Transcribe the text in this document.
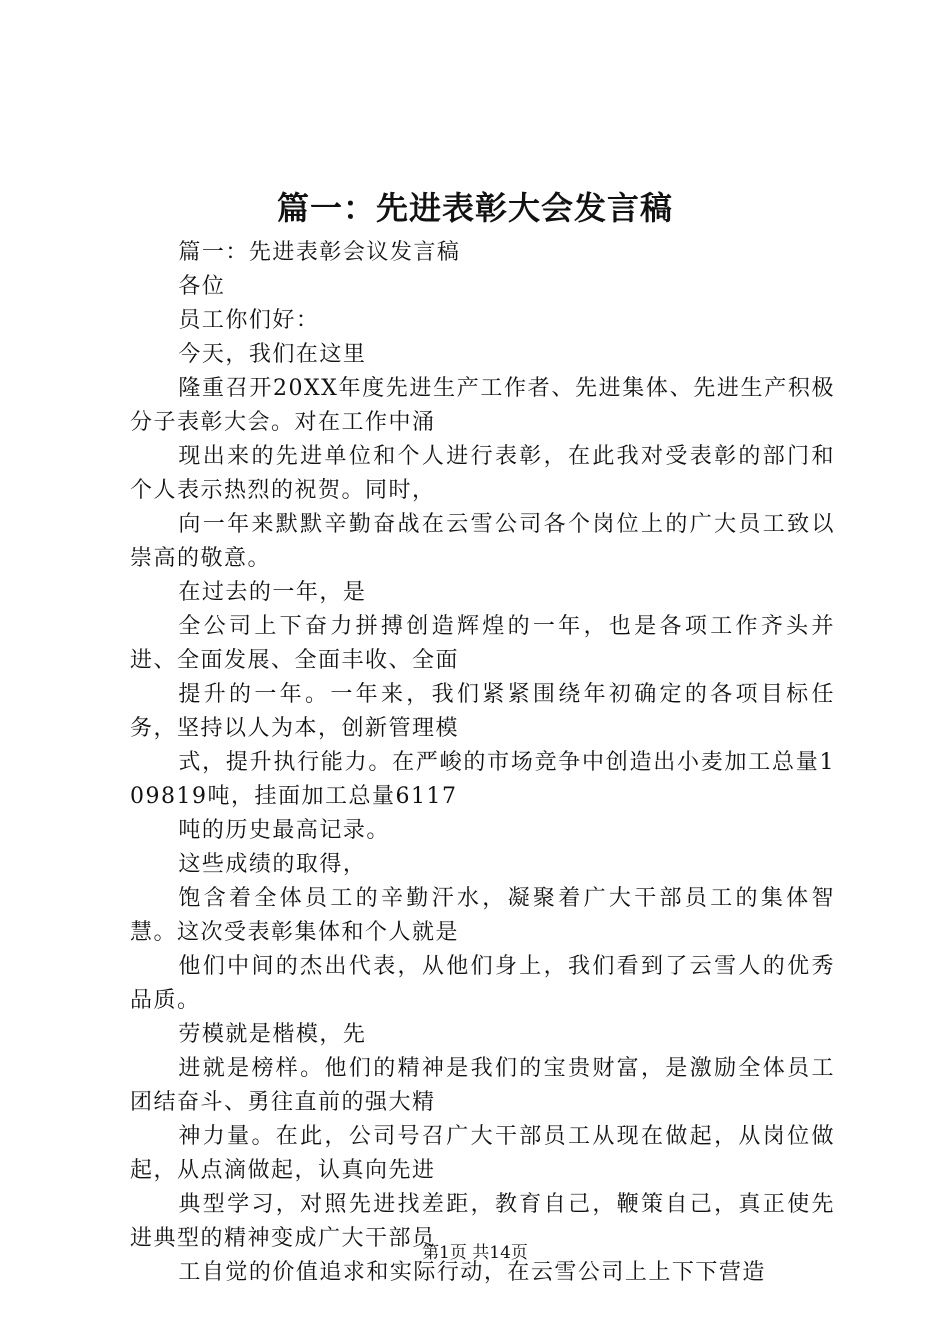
篇一：先进表彰大会发言稿

篇一：先进表彰会议发言稿

各位

员工你们好：

今天，我们在这里

隆重召开20XX年度先进生产工作者、先进集体、先进生产积极分子表彰大会。对在工作中涌

现出来的先进单位和个人进行表彰，在此我对受表彰的部门和个人表示热烈的祝贺。同时，

向一年来默默辛勤奋战在云雪公司各个岗位上的广大员工致以崇高的敬意。

在过去的一年，是

全公司上下奋力拼搏创造辉煌的一年，也是各项工作齐头并进、全面发展、全面丰收、全面

提升的一年。一年来，我们紧紧围绕年初确定的各项目标任务，坚持以人为本，创新管理模

式，提升执行能力。在严峻的市场竞争中创造出小麦加工总量109819吨，挂面加工总量6117

吨的历史最高记录。

这些成绩的取得，

饱含着全体员工的辛勤汗水，凝聚着广大干部员工的集体智慧。这次受表彰集体和个人就是

他们中间的杰出代表，从他们身上，我们看到了云雪人的优秀品质。

劳模就是楷模，先

进就是榜样。他们的精神是我们的宝贵财富，是激励全体员工团结奋斗、勇往直前的强大精

神力量。在此，公司号召广大干部员工从现在做起，从岗位做起，从点滴做起，认真向先进

典型学习，对照先进找差距，教育自己，鞭策自己，真正使先进典型的精神变成广大干部员

工自觉的价值追求和实际行动，在云雪公司上上下下营造

第1页 共14页
